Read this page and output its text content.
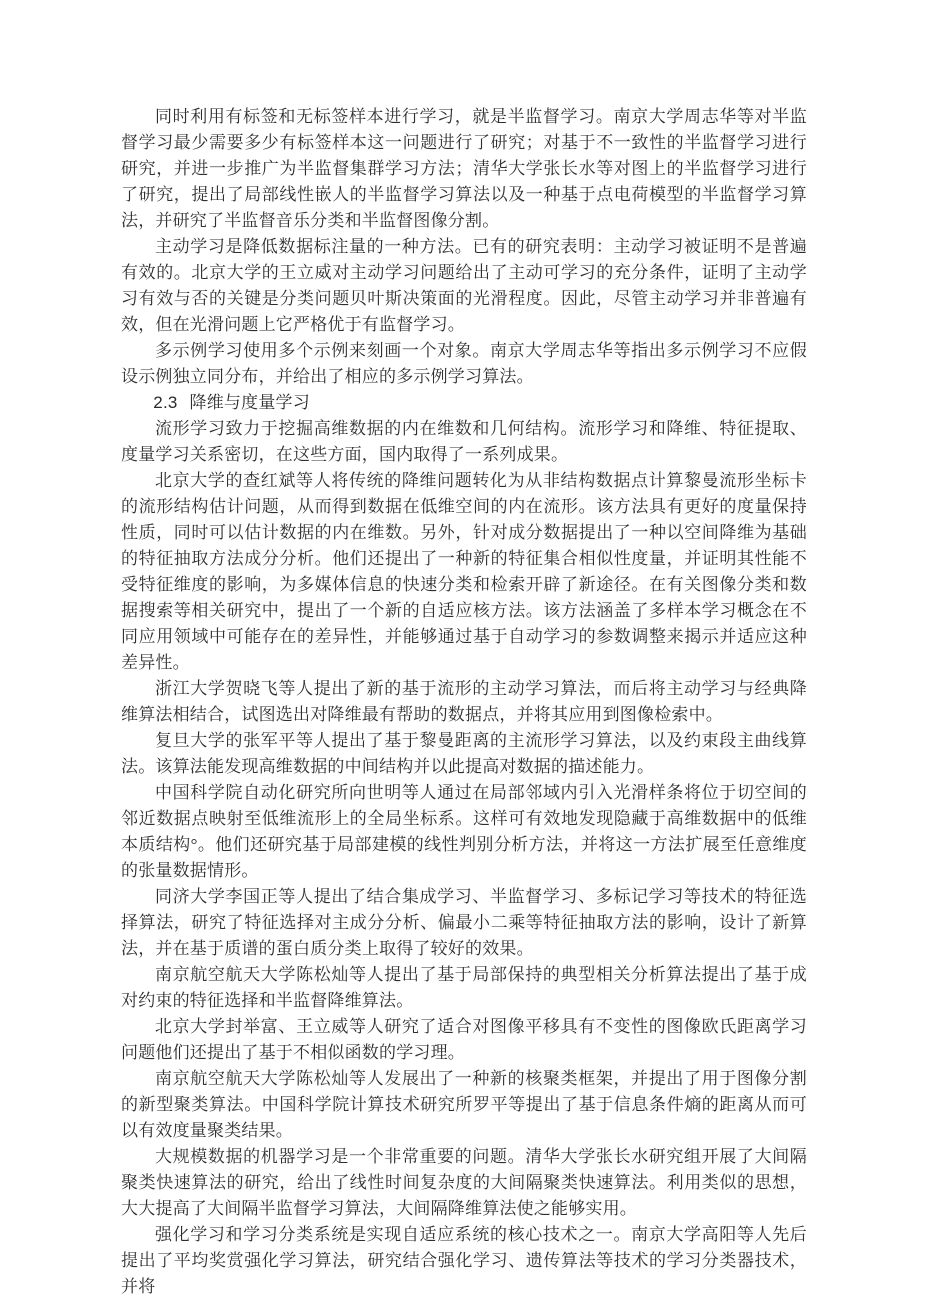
同时利用有标签和无标签样本进行学习，就是半监督学习。南京大学周志华等对半监督学习最少需要多少有标签样本这一问题进行了研究；对基于不一致性的半监督学习进行研究，并进一步推广为半监督集群学习方法；清华大学张长水等对图上的半监督学习进行了研究，提出了局部线性嵌人的半监督学习算法以及一种基于点电荷模型的半监督学习算法，并研究了半监督音乐分类和半监督图像分割。

主动学习是降低数据标注量的一种方法。已有的研究表明：主动学习被证明不是普遍有效的。北京大学的王立威对主动学习问题给出了主动可学习的充分条件，证明了主动学习有效与否的关键是分类问题贝叶斯决策面的光滑程度。因此，尽管主动学习并非普遍有效，但在光滑问题上它严格优于有监督学习。

多示例学习使用多个示例来刻画一个对象。南京大学周志华等指出多示例学习不应假设示例独立同分布，并给出了相应的多示例学习算法。

2.3 降维与度量学习

流形学习致力于挖掘高维数据的内在维数和几何结构。流形学习和降维、特征提取、度量学习关系密切，在这些方面，国内取得了一系列成果。

北京大学的查红斌等人将传统的降维问题转化为从非结构数据点计算黎曼流形坐标卡的流形结构估计问题，从而得到数据在低维空间的内在流形。该方法具有更好的度量保持性质，同时可以估计数据的内在维数。另外，针对成分数据提出了一种以空间降维为基础的特征抽取方法成分分析。他们还提出了一种新的特征集合相似性度量，并证明其性能不受特征维度的影响，为多媒体信息的快速分类和检索开辟了新途径。在有关图像分类和数据搜索等相关研究中，提出了一个新的自适应核方法。该方法涵盖了多样本学习概念在不同应用领域中可能存在的差异性，并能够通过基于自动学习的参数调整来揭示并适应这种差异性。

浙江大学贺晓飞等人提出了新的基于流形的主动学习算法，而后将主动学习与经典降维算法相结合，试图选出对降维最有帮助的数据点，并将其应用到图像检索中。

复旦大学的张军平等人提出了基于黎曼距离的主流形学习算法，以及约束段主曲线算法。该算法能发现高维数据的中间结构并以此提高对数据的描述能力。

中国科学院自动化研究所向世明等人通过在局部邻域内引入光滑样条将位于切空间的邻近数据点映射至低维流形上的全局坐标系。这样可有效地发现隐藏于高维数据中的低维本质结构°。他们还研究基于局部建模的线性判别分析方法，并将这一方法扩展至任意维度的张量数据情形。

同济大学李国正等人提出了结合集成学习、半监督学习、多标记学习等技术的特征选择算法，研究了特征选择对主成分分析、偏最小二乘等特征抽取方法的影响，设计了新算法，并在基于质谱的蛋白质分类上取得了较好的效果。

南京航空航天大学陈松灿等人提出了基于局部保持的典型相关分析算法提出了基于成对约束的特征选择和半监督降维算法。

北京大学封举富、王立威等人研究了适合对图像平移具有不变性的图像欧氏距离学习问题他们还提出了基于不相似函数的学习理。

南京航空航天大学陈松灿等人发展出了一种新的核聚类框架，并提出了用于图像分割的新型聚类算法。中国科学院计算技术研究所罗平等提出了基于信息条件熵的距离从而可以有效度量聚类结果。

大规模数据的机器学习是一个非常重要的问题。清华大学张长水研究组开展了大间隔聚类快速算法的研究，给出了线性时间复杂度的大间隔聚类快速算法。利用类似的思想，大大提高了大间隔半监督学习算法，大间隔降维算法使之能够实用。

强化学习和学习分类系统是实现自适应系统的核心技术之一。南京大学高阳等人先后提出了平均奖赏强化学习算法，研究结合强化学习、遗传算法等技术的学习分类器技术，并将
